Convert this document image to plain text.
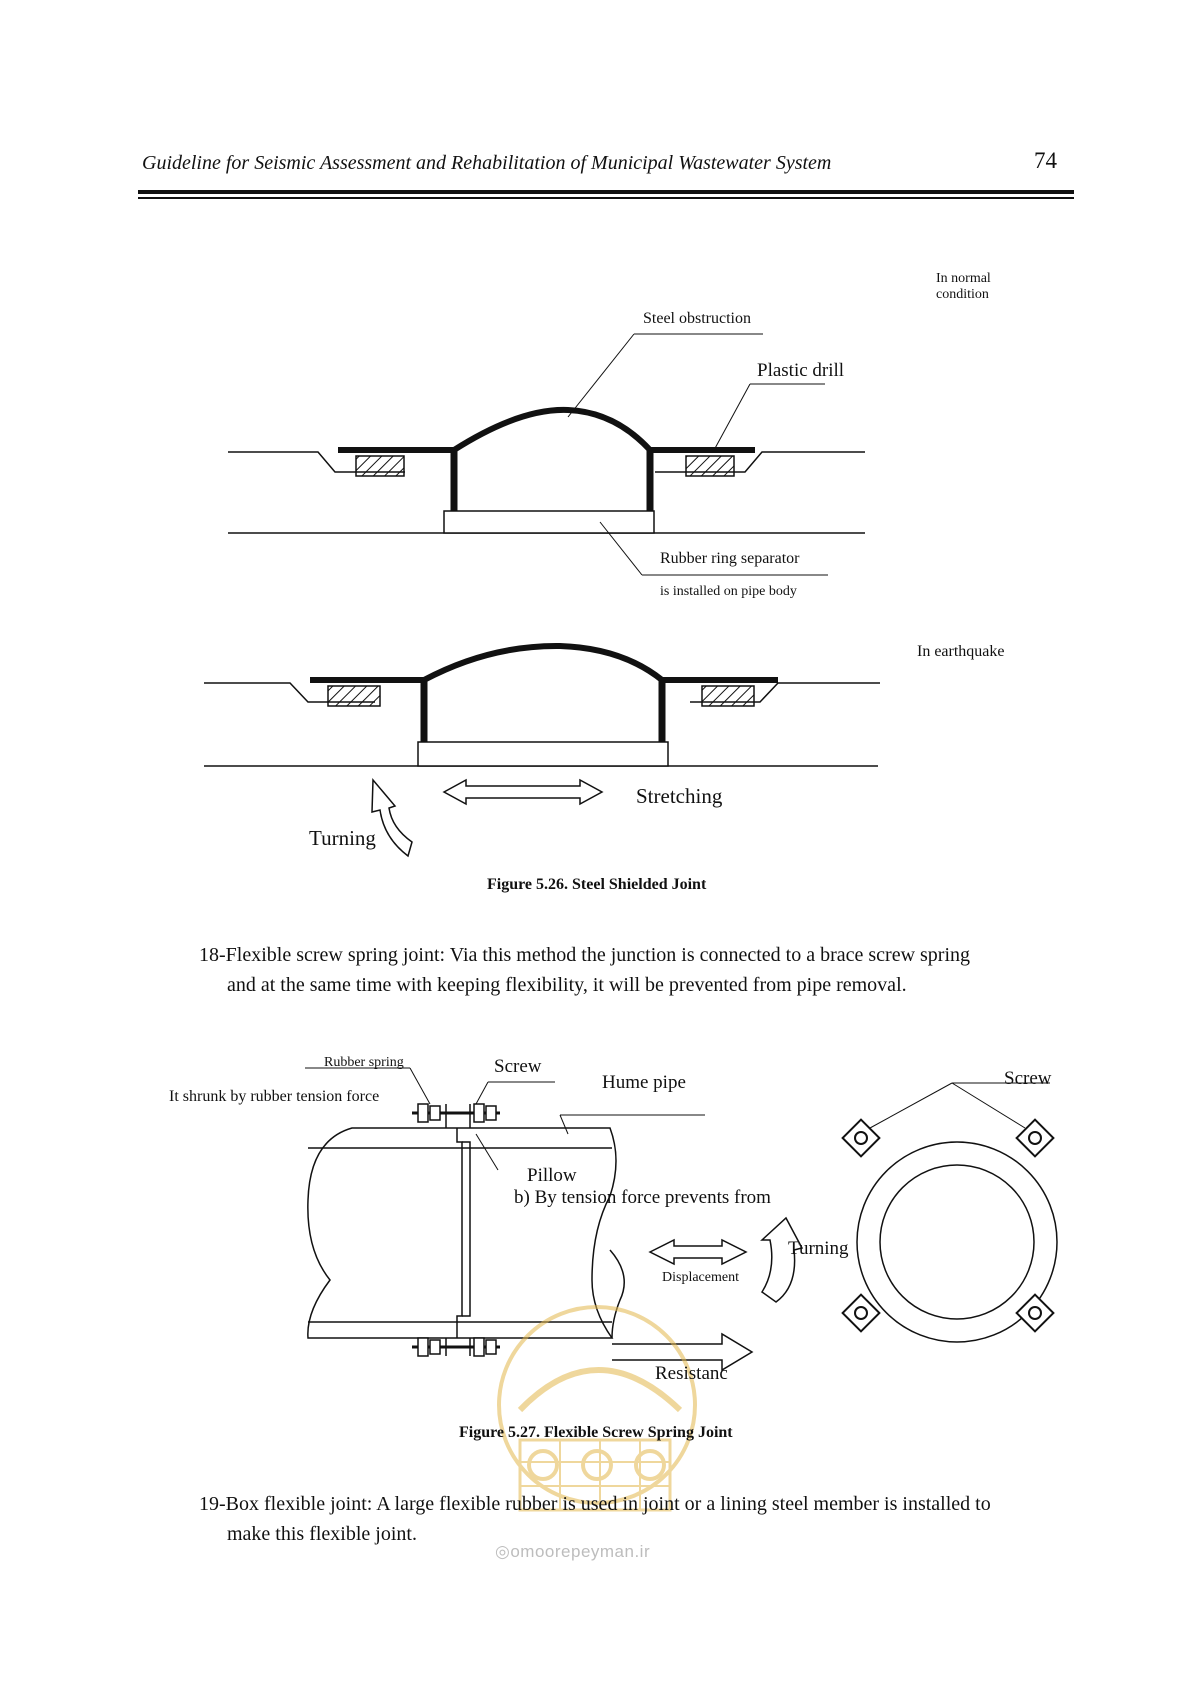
Guideline for Seismic Assessment and Rehabilitation of Municipal Wastewater System	74
In normal
condition
Steel obstruction
Plastic drill
Rubber ring separator
is installed on pipe body
In earthquake
Stretching
Turning
Figure 5.26. Steel Shielded Joint
18-Flexible screw spring joint: Via this method the junction is connected to a brace screw spring
and at the same time with keeping flexibility, it will be prevented from pipe removal.
Rubber spring	Screw
It shrunk by rubber tension force
Hume pipe	Screw
Pillow
b) By tension force prevents from
Turning
Displacement
Resistanc
Figure 5.27. Flexible Screw Spring Joint
19-Box flexible joint: A large flexible rubber is used in joint or a lining steel member is installed to
make this flexible joint.
◎omoorepeyman.ir
